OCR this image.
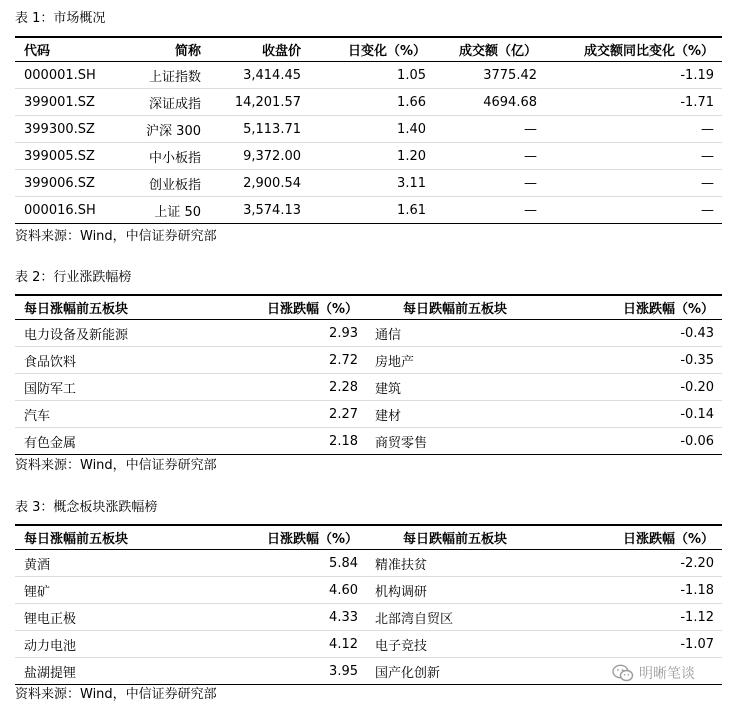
表 1：市场概况
代码	简称	收盘价	日变化（%）	成交额（亿）	成交额同比变化（%）
000001.SH	上证指数	3,414.45	1.05	3775.42	-1.19
399001.SZ	深证成指	14,201.57	1.66	4694.68	-1.71
399300.SZ	沪深 300	5,113.71	1.40	—	—
399005.SZ	中小板指	9,372.00	1.20	—	—
399006.SZ	创业板指	2,900.54	3.11	—	—
000016.SH	上证 50	3,574.13	1.61	—	—
资料来源：Wind，中信证券研究部
表 2：行业涨跌幅榜
每日涨幅前五板块	日涨跌幅（%）	每日跌幅前五板块	日涨跌幅（%）
电力设备及新能源	2.93	通信	-0.43
食品饮料	2.72	房地产	-0.35
国防军工	2.28	建筑	-0.20
汽车	2.27	建材	-0.14
有色金属	2.18	商贸零售	-0.06
资料来源：Wind，中信证券研究部
表 3：概念板块涨跌幅榜
每日涨幅前五板块	日涨跌幅（%）	每日跌幅前五板块	日涨跌幅（%）
黄酒	5.84	精准扶贫	-2.20
锂矿	4.60	机构调研	-1.18
锂电正极	4.33	北部湾自贸区	-1.12
动力电池	4.12	电子竞技	-1.07
盐湖提锂	3.95	国产化创新	
资料来源：Wind，中信证券研究部
明晰笔谈
